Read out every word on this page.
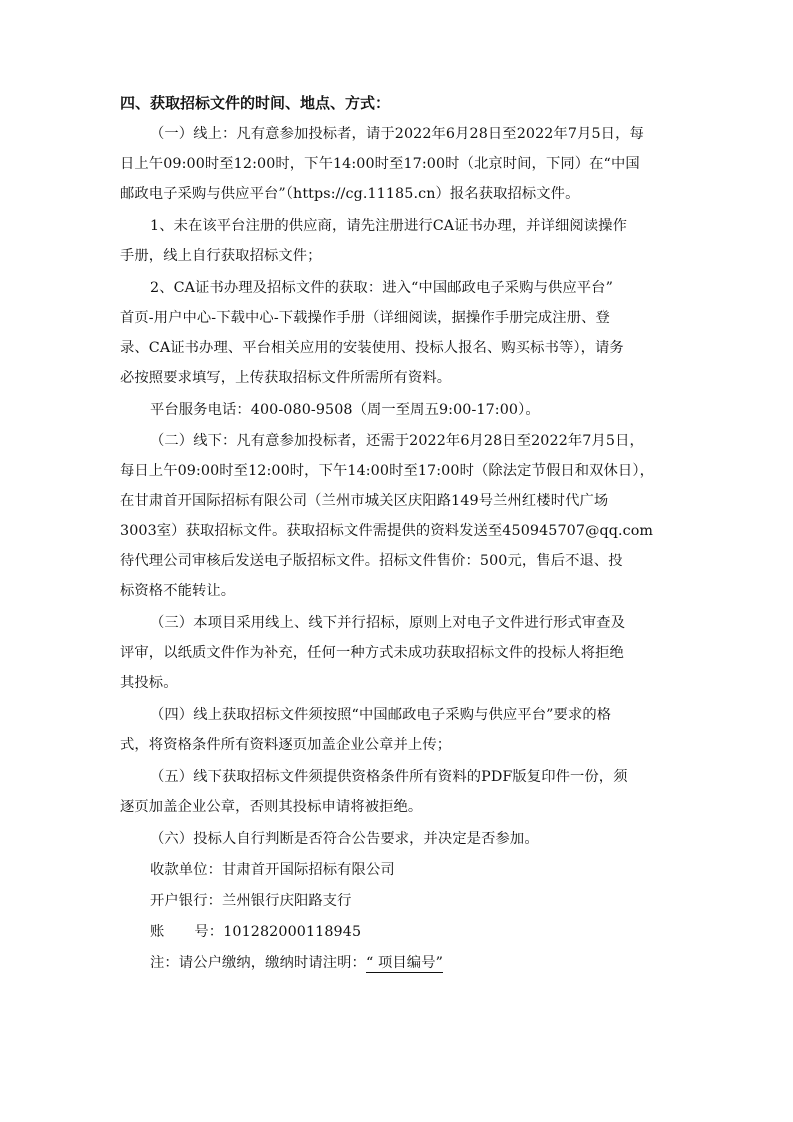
四、获取招标文件的时间、地点、方式：
（一）线上：凡有意参加投标者，请于2022年6月28日至2022年7月5日，每
日上午09:00时至12:00时，下午14:00时至17:00时（北京时间，下同）在“中国
邮政电子采购与供应平台”（https://cg.11185.cn）报名获取招标文件。
1、未在该平台注册的供应商，请先注册进行CA证书办理，并详细阅读操作
手册，线上自行获取招标文件；
2、CA证书办理及招标文件的获取：进入“中国邮政电子采购与供应平台”
首页-用户中心-下载中心-下载操作手册（详细阅读，据操作手册完成注册、登
录、CA证书办理、平台相关应用的安装使用、投标人报名、购买标书等），请务
必按照要求填写，上传获取招标文件所需所有资料。
平台服务电话：400-080-9508（周一至周五9:00-17:00）。
（二）线下：凡有意参加投标者，还需于2022年6月28日至2022年7月5日，
每日上午09:00时至12:00时，下午14:00时至17:00时（除法定节假日和双休日），
在甘肃首开国际招标有限公司（兰州市城关区庆阳路149号兰州红楼时代广场
3003室）获取招标文件。获取招标文件需提供的资料发送至450945707@qq.com
待代理公司审核后发送电子版招标文件。招标文件售价：500元，售后不退、投
标资格不能转让。
（三）本项目采用线上、线下并行招标，原则上对电子文件进行形式审查及
评审，以纸质文件作为补充，任何一种方式未成功获取招标文件的投标人将拒绝
其投标。
（四）线上获取招标文件须按照“中国邮政电子采购与供应平台”要求的格
式，将资格条件所有资料逐页加盖企业公章并上传；
（五）线下获取招标文件须提供资格条件所有资料的PDF版复印件一份，须
逐页加盖企业公章，否则其投标申请将被拒绝。
（六）投标人自行判断是否符合公告要求，并决定是否参加。
收款单位：甘肃首开国际招标有限公司
开户银行：兰州银行庆阳路支行
账 号：101282000118945
注：请公户缴纳，缴纳时请注明：“ 项目编号”
